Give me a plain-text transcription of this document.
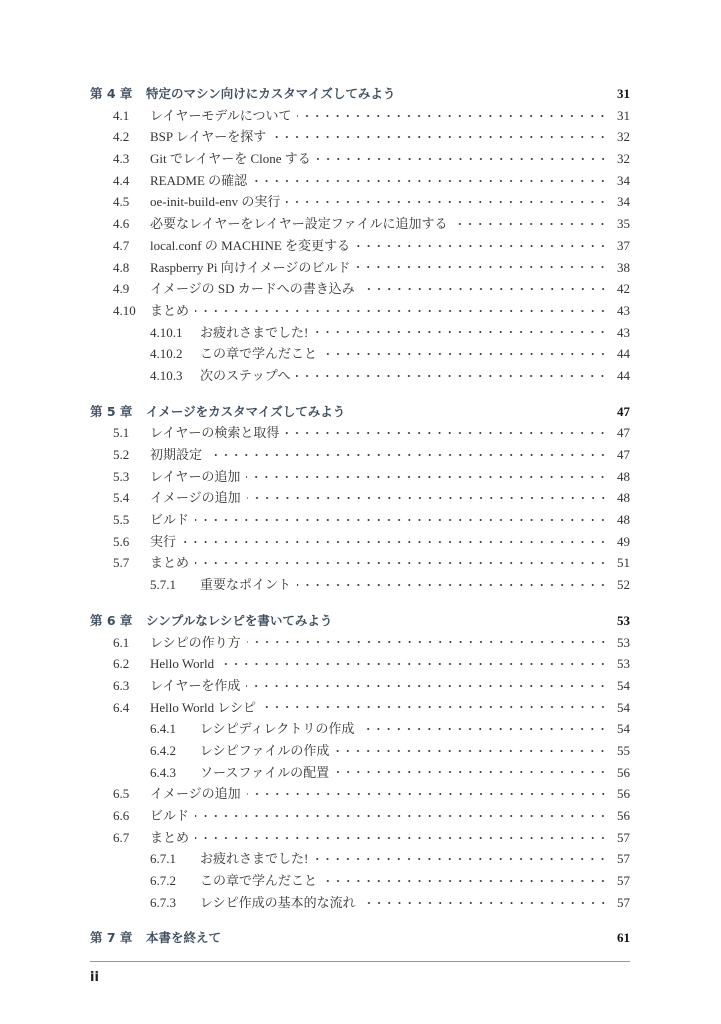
第 4 章	特定のマシン向けにカスタマイズしてみよう	31
4.1	レイヤーモデルについて	31
4.2	BSP レイヤーを探す	32
4.3	Git でレイヤーを Clone する	32
4.4	README の確認	34
4.5	oe-init-build-env の実行	34
4.6	必要なレイヤーをレイヤー設定ファイルに追加する	35
4.7	local.conf の MACHINE を変更する	37
4.8	Raspberry Pi 向けイメージのビルド	38
4.9	イメージの SD カードへの書き込み	42
4.10	まとめ	43
4.10.1	お疲れさまでした!	43
4.10.2	この章で学んだこと	44
4.10.3	次のステップへ	44
第 5 章	イメージをカスタマイズしてみよう	47
5.1	レイヤーの検索と取得	47
5.2	初期設定	47
5.3	レイヤーの追加	48
5.4	イメージの追加	48
5.5	ビルド	48
5.6	実行	49
5.7	まとめ	51
5.7.1	重要なポイント	52
第 6 章	シンプルなレシピを書いてみよう	53
6.1	レシピの作り方	53
6.2	Hello World	53
6.3	レイヤーを作成	54
6.4	Hello World レシピ	54
6.4.1	レシピディレクトリの作成	54
6.4.2	レシピファイルの作成	55
6.4.3	ソースファイルの配置	56
6.5	イメージの追加	56
6.6	ビルド	56
6.7	まとめ	57
6.7.1	お疲れさまでした!	57
6.7.2	この章で学んだこと	57
6.7.3	レシピ作成の基本的な流れ	57
第 7 章	本書を終えて	61
ii
